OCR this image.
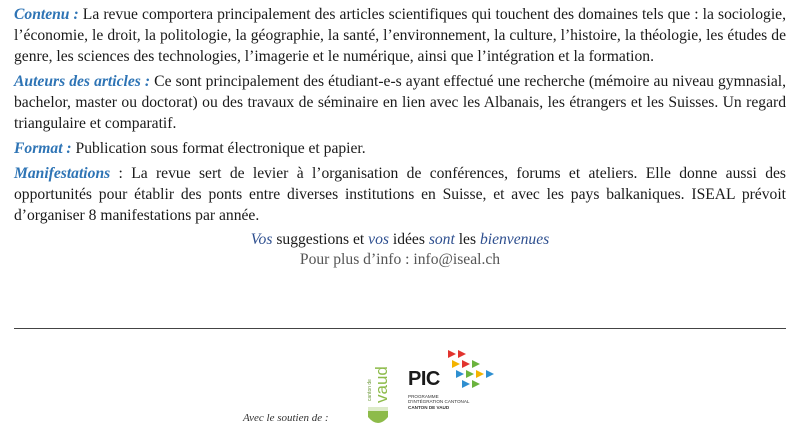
Contenu : La revue comportera principalement des articles scientifiques qui touchent des domaines tels que : la sociologie, l’économie, le droit, la politologie, la géographie, la santé, l’environnement, la culture, l’histoire, la théologie, les études de genre, les sciences des technologies, l’imagerie et le numérique, ainsi que l’intégration et la formation.

Auteurs des articles : Ce sont principalement des étudiant-e-s ayant effectué une recherche (mémoire au niveau gymnasial, bachelor, master ou doctorat) ou des travaux de séminaire en lien avec les Albanais, les étrangers et les Suisses. Un regard triangulaire et comparatif.

Format : Publication sous format électronique et papier.

Manifestations : La revue sert de levier à l’organisation de conférences, forums et ateliers. Elle donne aussi des opportunités pour établir des ponts entre diverses institutions en Suisse, et avec les pays balkaniques. ISEAL prévoit d’organiser 8 manifestations par année.

Vos suggestions et vos idées sont les bienvenues

Pour plus d’info : info@iseal.ch

Avec le soutien de :
canton de vaud PIC
PROGRAMME
D'INTÉGRATION CANTONAL
CANTON DE VAUD
